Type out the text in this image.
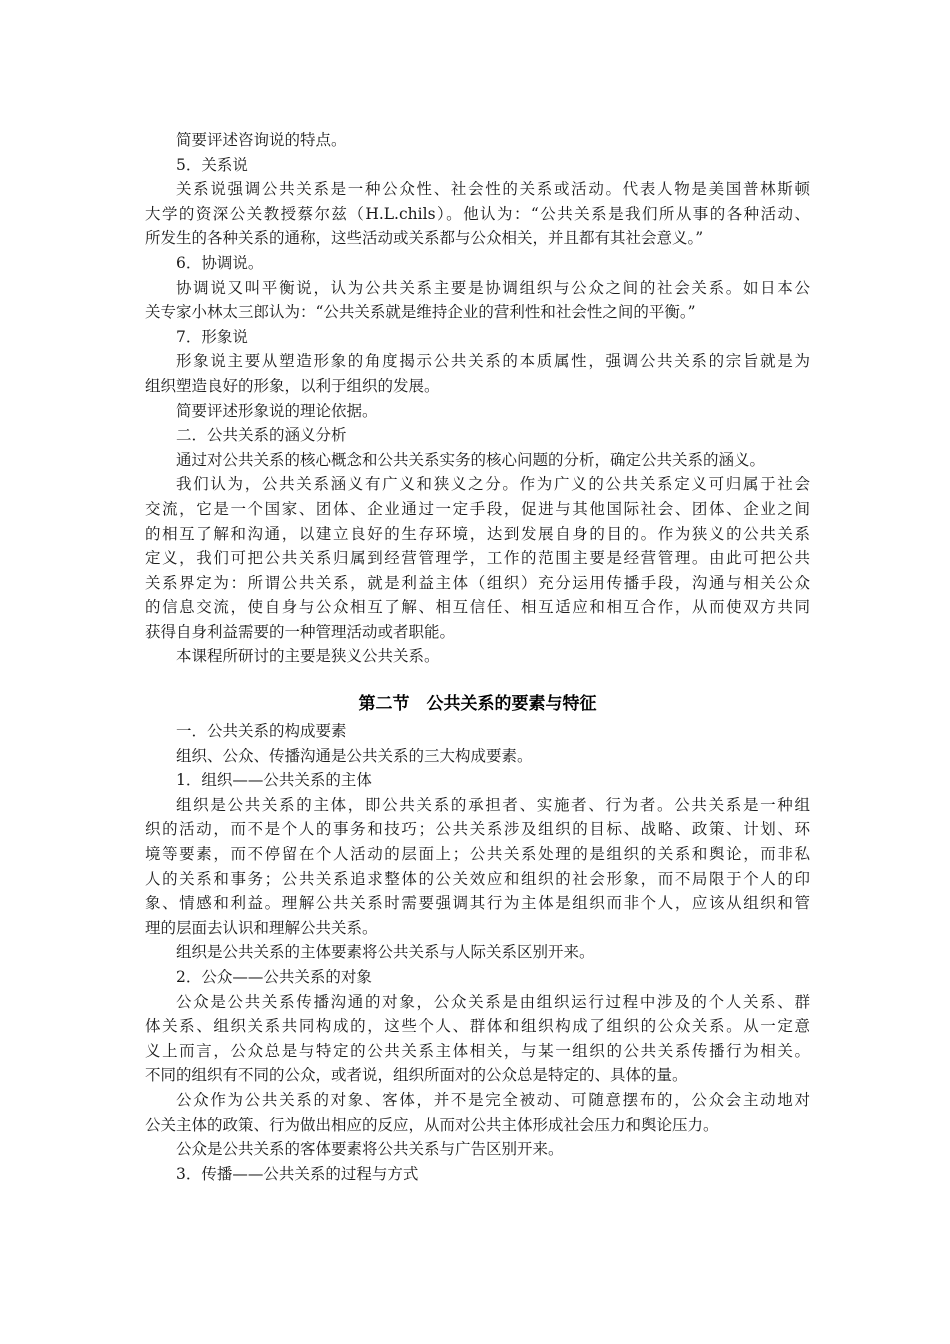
简要评述咨询说的特点。
5．关系说
关系说强调公共关系是一种公众性、社会性的关系或活动。代表人物是美国普林斯顿
大学的资深公关教授蔡尔兹（H.L.chils）。他认为：“公共关系是我们所从事的各种活动、
所发生的各种关系的通称，这些活动或关系都与公众相关，并且都有其社会意义。”
6．协调说。
协调说又叫平衡说，认为公共关系主要是协调组织与公众之间的社会关系。如日本公
关专家小林太三郎认为：“公共关系就是维持企业的营利性和社会性之间的平衡。”
7．形象说
形象说主要从塑造形象的角度揭示公共关系的本质属性，强调公共关系的宗旨就是为
组织塑造良好的形象，以利于组织的发展。
简要评述形象说的理论依据。
二．公共关系的涵义分析
通过对公共关系的核心概念和公共关系实务的核心问题的分析，确定公共关系的涵义。
我们认为，公共关系涵义有广义和狭义之分。作为广义的公共关系定义可归属于社会
交流，它是一个国家、团体、企业通过一定手段，促进与其他国际社会、团体、企业之间
的相互了解和沟通，以建立良好的生存环境，达到发展自身的目的。作为狭义的公共关系
定义，我们可把公共关系归属到经营管理学，工作的范围主要是经营管理。由此可把公共
关系界定为：所谓公共关系，就是利益主体（组织）充分运用传播手段，沟通与相关公众
的信息交流，使自身与公众相互了解、相互信任、相互适应和相互合作，从而使双方共同
获得自身利益需要的一种管理活动或者职能。
本课程所研讨的主要是狭义公共关系。
第二节　公共关系的要素与特征
一．公共关系的构成要素
组织、公众、传播沟通是公共关系的三大构成要素。
1．组织——公共关系的主体
组织是公共关系的主体，即公共关系的承担者、实施者、行为者。公共关系是一种组
织的活动，而不是个人的事务和技巧；公共关系涉及组织的目标、战略、政策、计划、环
境等要素，而不停留在个人活动的层面上；公共关系处理的是组织的关系和舆论，而非私
人的关系和事务；公共关系追求整体的公关效应和组织的社会形象，而不局限于个人的印
象、情感和利益。理解公共关系时需要强调其行为主体是组织而非个人，应该从组织和管
理的层面去认识和理解公共关系。
组织是公共关系的主体要素将公共关系与人际关系区别开来。
2．公众——公共关系的对象
公众是公共关系传播沟通的对象，公众关系是由组织运行过程中涉及的个人关系、群
体关系、组织关系共同构成的，这些个人、群体和组织构成了组织的公众关系。从一定意
义上而言，公众总是与特定的公共关系主体相关，与某一组织的公共关系传播行为相关。
不同的组织有不同的公众，或者说，组织所面对的公众总是特定的、具体的量。
公众作为公共关系的对象、客体，并不是完全被动、可随意摆布的，公众会主动地对
公关主体的政策、行为做出相应的反应，从而对公共主体形成社会压力和舆论压力。
公众是公共关系的客体要素将公共关系与广告区别开来。
3．传播——公共关系的过程与方式
